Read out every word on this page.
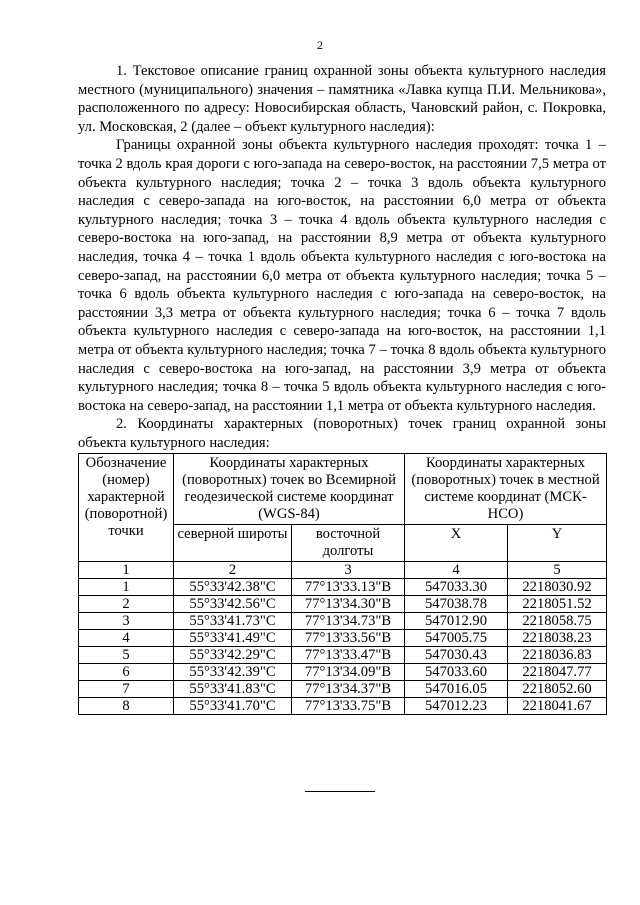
2

1. Текстовое описание границ охранной зоны объекта культурного наследия местного (муниципального) значения – памятника «Лавка купца П.И. Мельникова», расположенного по адресу: Новосибирская область, Чановский район, с. Покровка, ул. Московская, 2 (далее – объект культурного наследия):

Границы охранной зоны объекта культурного наследия проходят: точка 1 – точка 2 вдоль края дороги с юго-запада на северо-восток, на расстоянии 7,5 метра от объекта культурного наследия; точка 2 – точка 3 вдоль объекта культурного наследия с северо-запада на юго-восток, на расстоянии 6,0 метра от объекта культурного наследия; точка 3 – точка 4 вдоль объекта культурного наследия с северо-востока на юго-запад, на расстоянии 8,9 метра от объекта культурного наследия, точка 4 – точка 1 вдоль объекта культурного наследия с юго-востока на северо-запад, на расстоянии 6,0 метра от объекта культурного наследия; точка 5 – точка 6 вдоль объекта культурного наследия с юго-запада на северо-восток, на расстоянии 3,3 метра от объекта культурного наследия; точка 6 – точка 7 вдоль объекта культурного наследия с северо-запада на юго-восток, на расстоянии 1,1 метра от объекта культурного наследия; точка 7 – точка 8 вдоль объекта культурного наследия с северо-востока на юго-запад, на расстоянии 3,9 метра от объекта культурного наследия; точка 8 – точка 5 вдоль объекта культурного наследия с юго-востока на северо-запад, на расстоянии 1,1 метра от объекта культурного наследия.

2. Координаты характерных (поворотных) точек границ охранной зоны объекта культурного наследия:

Обозначение (номер) характерной (поворотной) точки	Координаты характерных (поворотных) точек во Всемирной геодезической системе координат (WGS-84)		Координаты характерных (поворотных) точек в местной системе координат (МСК-НСО)	
	северной широты	восточной долготы	X	Y
1	2	3	4	5
1	55°33'42.38"С	77°13'33.13"В	547033.30	2218030.92
2	55°33'42.56"С	77°13'34.30"В	547038.78	2218051.52
3	55°33'41.73"С	77°13'34.73"В	547012.90	2218058.75
4	55°33'41.49"С	77°13'33.56"В	547005.75	2218038.23
5	55°33'42.29"С	77°13'33.47"В	547030.43	2218036.83
6	55°33'42.39"С	77°13'34.09"В	547033.60	2218047.77
7	55°33'41.83"С	77°13'34.37"В	547016.05	2218052.60
8	55°33'41.70"С	77°13'33.75"В	547012.23	2218041.67
